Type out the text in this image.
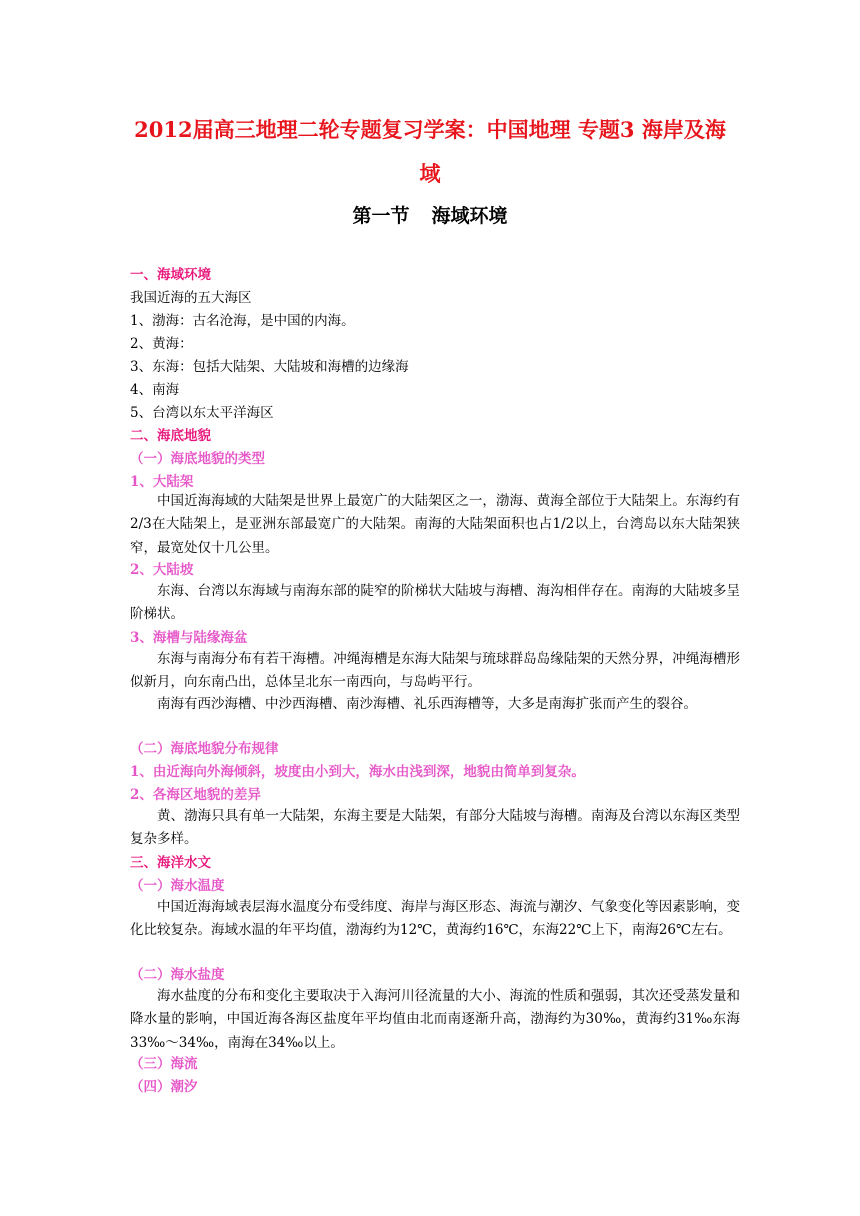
2012届高三地理二轮专题复习学案：中国地理 专题3 海岸及海
域
第一节 海域环境
一、海域环境
我国近海的五大海区
1、渤海：古名沧海，是中国的内海。
2、黄海：
3、东海：包括大陆架、大陆坡和海槽的边缘海
4、南海
5、台湾以东太平洋海区
二、海底地貌
（一）海底地貌的类型
1、大陆架
中国近海海域的大陆架是世界上最宽广的大陆架区之一，渤海、黄海全部位于大陆架上。东海约有2/3在大陆架上，是亚洲东部最宽广的大陆架。南海的大陆架面积也占1/2以上，台湾岛以东大陆架狭窄，最宽处仅十几公里。
2、大陆坡
东海、台湾以东海域与南海东部的陡窄的阶梯状大陆坡与海槽、海沟相伴存在。南海的大陆坡多呈阶梯状。
3、海槽与陆缘海盆
东海与南海分布有若干海槽。冲绳海槽是东海大陆架与琉球群岛岛缘陆架的天然分界，冲绳海槽形似新月，向东南凸出，总体呈北东一南西向，与岛屿平行。
南海有西沙海槽、中沙西海槽、南沙海槽、礼乐西海槽等，大多是南海扩张而产生的裂谷。
（二）海底地貌分布规律
1、由近海向外海倾斜，坡度由小到大，海水由浅到深，地貌由简单到复杂。
2、各海区地貌的差异
黄、渤海只具有单一大陆架，东海主要是大陆架，有部分大陆坡与海槽。南海及台湾以东海区类型复杂多样。
三、海洋水文
（一）海水温度
中国近海海域表层海水温度分布受纬度、海岸与海区形态、海流与潮汐、气象变化等因素影响，变化比较复杂。海域水温的年平均值，渤海约为12℃，黄海约16℃，东海22℃上下，南海26℃左右。
（二）海水盐度
海水盐度的分布和变化主要取决于入海河川径流量的大小、海流的性质和强弱，其次还受蒸发量和降水量的影响，中国近海各海区盐度年平均值由北而南逐渐升高，渤海约为30‰，黄海约31‰东海33‰～34‰，南海在34‰以上。
（三）海流
（四）潮汐
